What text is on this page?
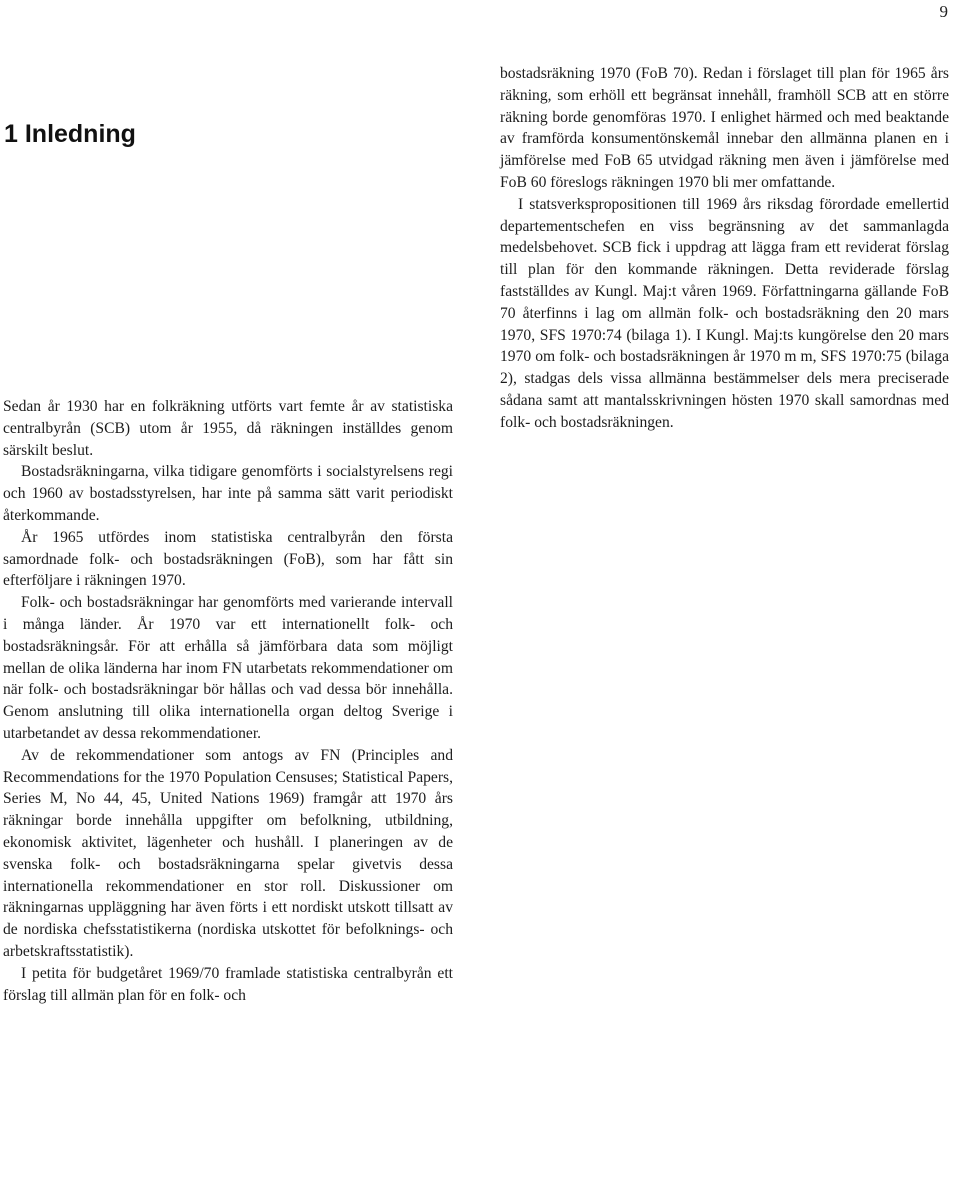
9
1 Inledning

Sedan år 1930 har en folkräkning utförts vart femte år av statistiska centralbyrån (SCB) utom år 1955, då räkningen inställdes genom särskilt beslut.

Bostadsräkningarna, vilka tidigare genomförts i socialstyrelsens regi och 1960 av bostadsstyrelsen, har inte på samma sätt varit periodiskt återkommande.

År 1965 utfördes inom statistiska centralbyrån den första samordnade folk- och bostadsräkningen (FoB), som har fått sin efterföljare i räkningen 1970.

Folk- och bostadsräkningar har genomförts med varierande intervall i många länder. År 1970 var ett internationellt folk- och bostadsräkningsår. För att erhålla så jämförbara data som möjligt mellan de olika länderna har inom FN utarbetats rekommendationer om när folk- och bostadsräkningar bör hållas och vad dessa bör innehålla. Genom anslutning till olika internationella organ deltog Sverige i utarbetandet av dessa rekommendationer.

Av de rekommendationer som antogs av FN (Principles and Recommendations for the 1970 Population Censuses; Statistical Papers, Series M, No 44, 45, United Nations 1969) framgår att 1970 års räkningar borde innehålla uppgifter om befolkning, utbildning, ekonomisk aktivitet, lägenheter och hushåll. I planeringen av de svenska folk- och bostadsräkningarna spelar givetvis dessa internationella rekommendationer en stor roll. Diskussioner om räkningarnas uppläggning har även förts i ett nordiskt utskott tillsatt av de nordiska chefsstatistikerna (nordiska utskottet för befolknings- och arbetskraftsstatistik).

I petita för budgetåret 1969/70 framlade statistiska centralbyrån ett förslag till allmän plan för en folk- och

bostadsräkning 1970 (FoB 70). Redan i förslaget till plan för 1965 års räkning, som erhöll ett begränsat innehåll, framhöll SCB att en större räkning borde genomföras 1970. I enlighet härmed och med beaktande av framförda konsumentönskemål innebar den allmänna planen en i jämförelse med FoB 65 utvidgad räkning men även i jämförelse med FoB 60 föreslogs räkningen 1970 bli mer omfattande.

I statsverkspropositionen till 1969 års riksdag förordade emellertid departementschefen en viss begränsning av det sammanlagda medelsbehovet. SCB fick i uppdrag att lägga fram ett reviderat förslag till plan för den kommande räkningen. Detta reviderade förslag fastställdes av Kungl. Maj:t våren 1969. Författningarna gällande FoB 70 återfinns i lag om allmän folk- och bostadsräkning den 20 mars 1970, SFS 1970:74 (bilaga 1). I Kungl. Maj:ts kungörelse den 20 mars 1970 om folk- och bostadsräkningen år 1970 m m, SFS 1970:75 (bilaga 2), stadgas dels vissa allmänna bestämmelser dels mera preciserade sådana samt att mantalsskrivningen hösten 1970 skall samordnas med folk- och bostadsräkningen.
